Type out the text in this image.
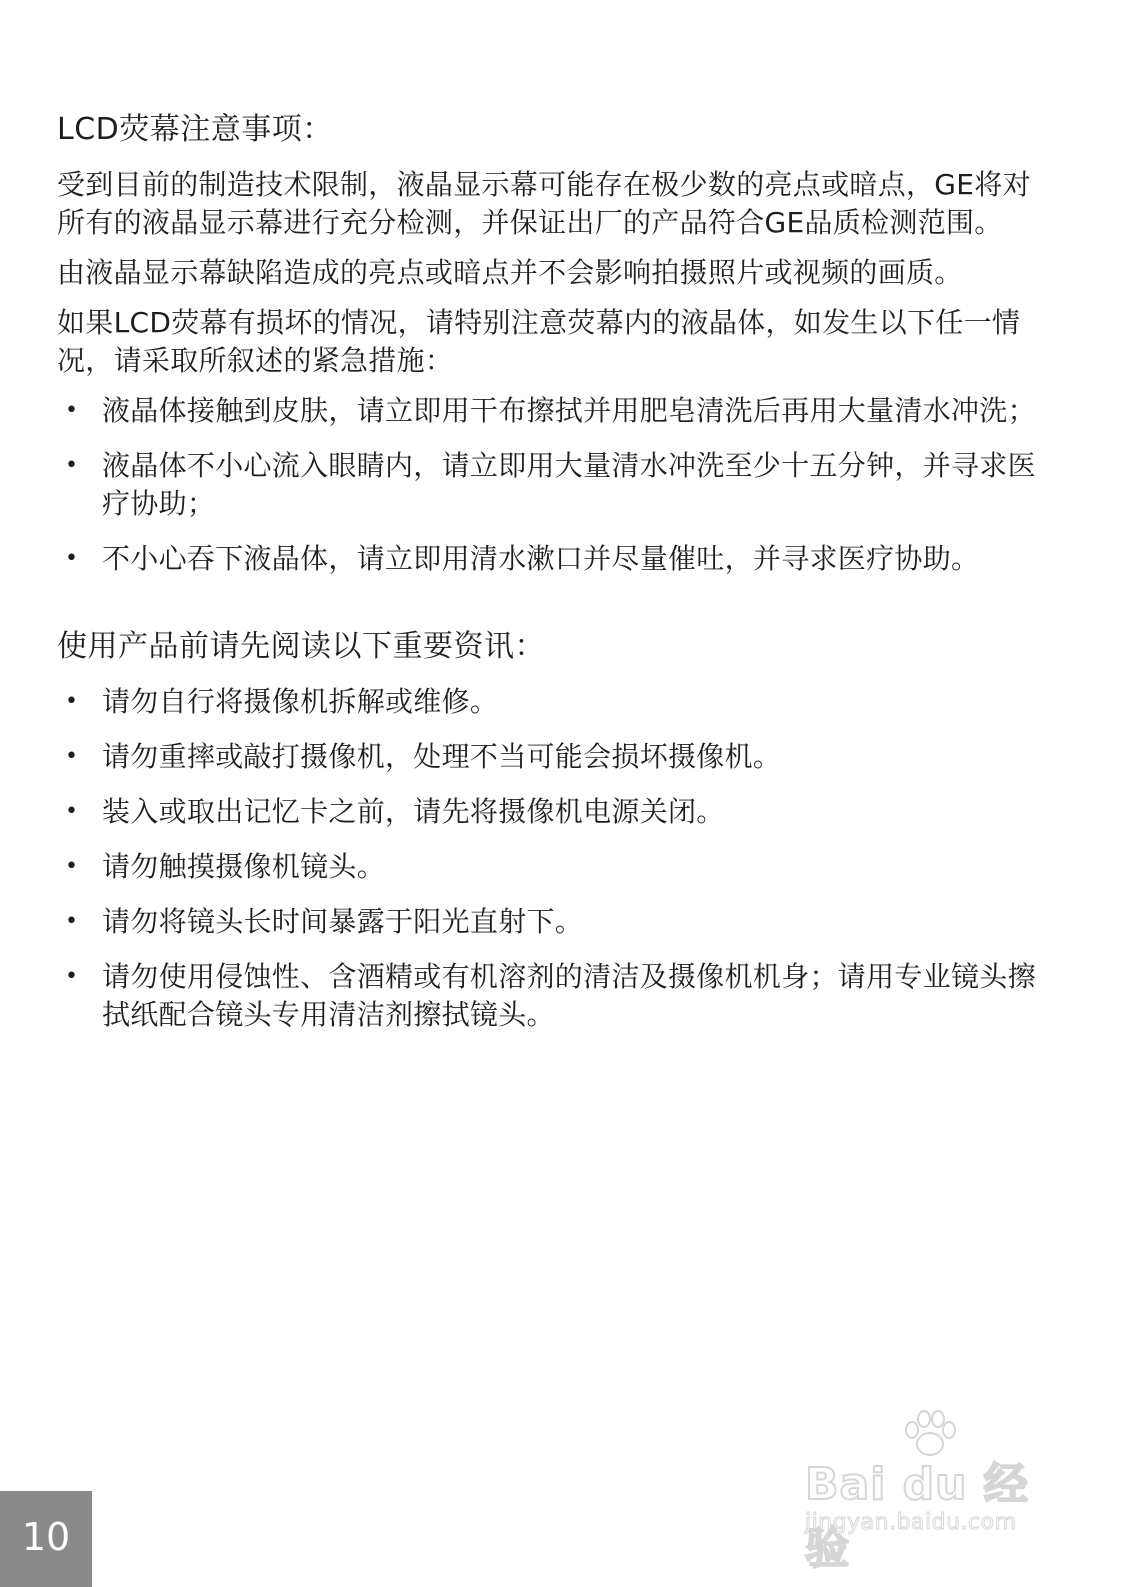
LCD荧幕注意事项：

受到目前的制造技术限制，液晶显示幕可能存在极少数的亮点或暗点，GE将对所有的液晶显示幕进行充分检测，并保证出厂的产品符合GE品质检测范围。

由液晶显示幕缺陷造成的亮点或暗点并不会影响拍摄照片或视频的画质。

如果LCD荧幕有损坏的情况，请特别注意荧幕内的液晶体，如发生以下任一情况，请采取所叙述的紧急措施：

• 液晶体接触到皮肤，请立即用干布擦拭并用肥皂清洗后再用大量清水冲洗；
• 液晶体不小心流入眼睛内，请立即用大量清水冲洗至少十五分钟，并寻求医疗协助；
• 不小心吞下液晶体，请立即用清水漱口并尽量催吐，并寻求医疗协助。
使用产品前请先阅读以下重要资讯：
• 请勿自行将摄像机拆解或维修。
• 请勿重摔或敲打摄像机，处理不当可能会损坏摄像机。
• 装入或取出记忆卡之前，请先将摄像机电源关闭。
• 请勿触摸摄像机镜头。
• 请勿将镜头长时间暴露于阳光直射下。
• 请勿使用侵蚀性、含酒精或有机溶剂的清洁及摄像机机身；请用专业镜头擦拭纸配合镜头专用清洁剂擦拭镜头。
Bai du 经验
jingyan.baidu.com
10
